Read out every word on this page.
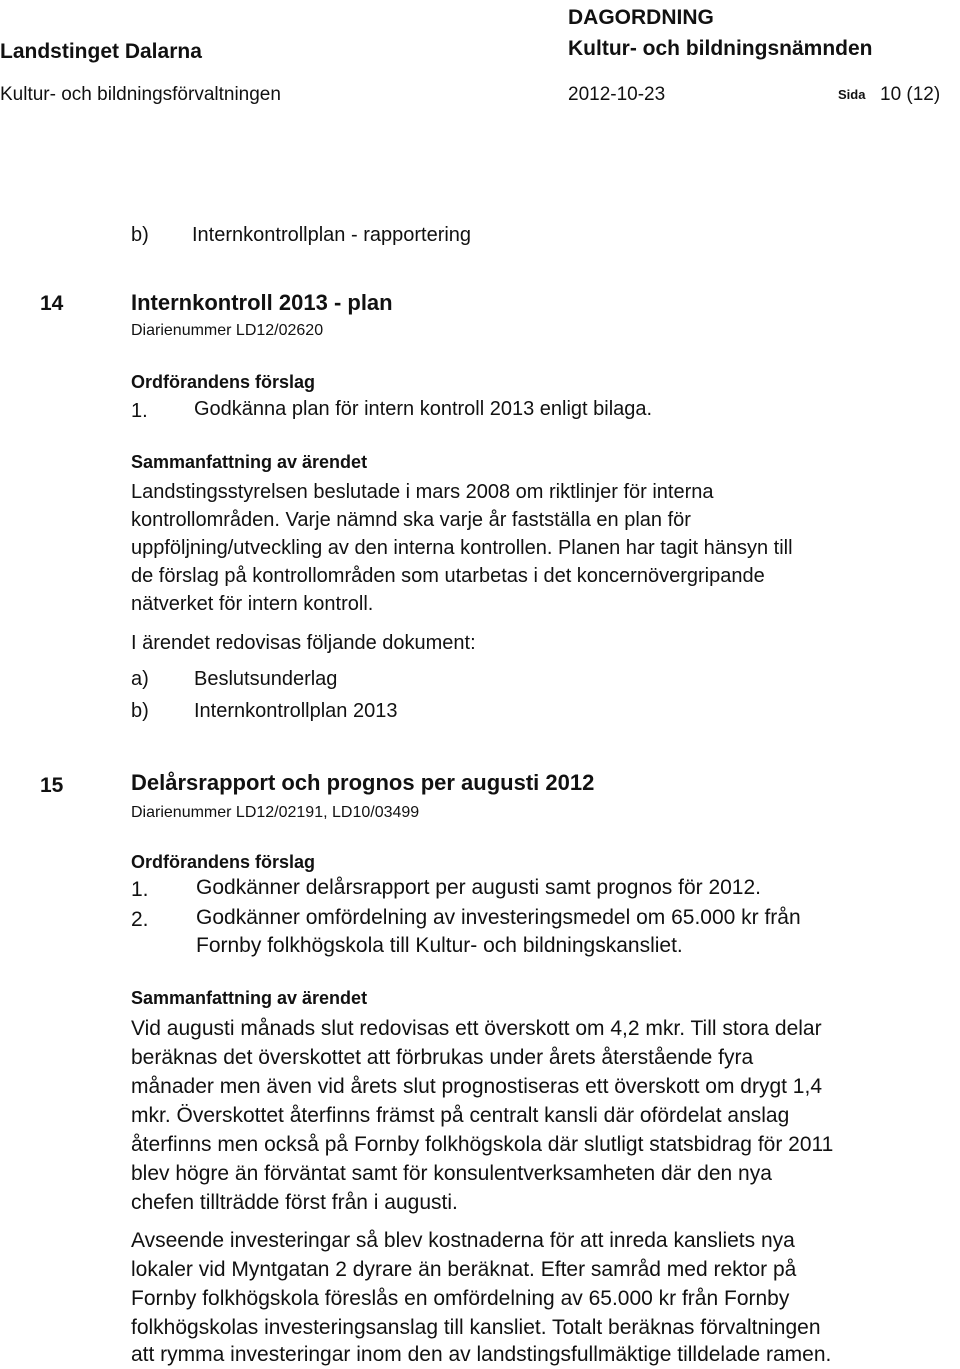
Landstinget Dalarna
Kultur- och bildningsförvaltningen
DAGORDNING
Kultur- och bildningsnämnden
2012-10-23	Sida 10 (12)
b) Internkontrollplan - rapportering
14	Internkontroll 2013 - plan
Diarienummer LD12/02620
Ordförandens förslag
1. Godkänna plan för intern kontroll 2013 enligt bilaga.
Sammanfattning av ärendet
Landstingsstyrelsen beslutade i mars 2008 om riktlinjer för interna
kontrollområden. Varje nämnd ska varje år fastställa en plan för
uppföljning/utveckling av den interna kontrollen. Planen har tagit hänsyn till
de förslag på kontrollområden som utarbetas i det koncernövergripande
nätverket för intern kontroll.
I ärendet redovisas följande dokument:
a) Beslutsunderlag
b) Internkontrollplan 2013
15	Delårsrapport och prognos per augusti 2012
Diarienummer LD12/02191, LD10/03499
Ordförandens förslag
1. Godkänner delårsrapport per augusti samt prognos för 2012.
2. Godkänner omfördelning av investeringsmedel om 65.000 kr från
Fornby folkhögskola till Kultur- och bildningskansliet.
Sammanfattning av ärendet
Vid augusti månads slut redovisas ett överskott om 4,2 mkr. Till stora delar
beräknas det överskottet att förbrukas under årets återstående fyra
månader men även vid årets slut prognostiseras ett överskott om drygt 1,4
mkr. Överskottet återfinns främst på centralt kansli där ofördelat anslag
återfinns men också på Fornby folkhögskola där slutligt statsbidrag för 2011
blev högre än förväntat samt för konsulentverksamheten där den nya
chefen tillträdde först från i augusti.
Avseende investeringar så blev kostnaderna för att inreda kansliets nya
lokaler vid Myntgatan 2 dyrare än beräknat. Efter samråd med rektor på
Fornby folkhögskola föreslås en omfördelning av 65.000 kr från Fornby
folkhögskolas investeringsanslag till kansliet. Totalt beräknas förvaltningen
att rymma investeringar inom den av landstingsfullmäktige tilldelade ramen.
